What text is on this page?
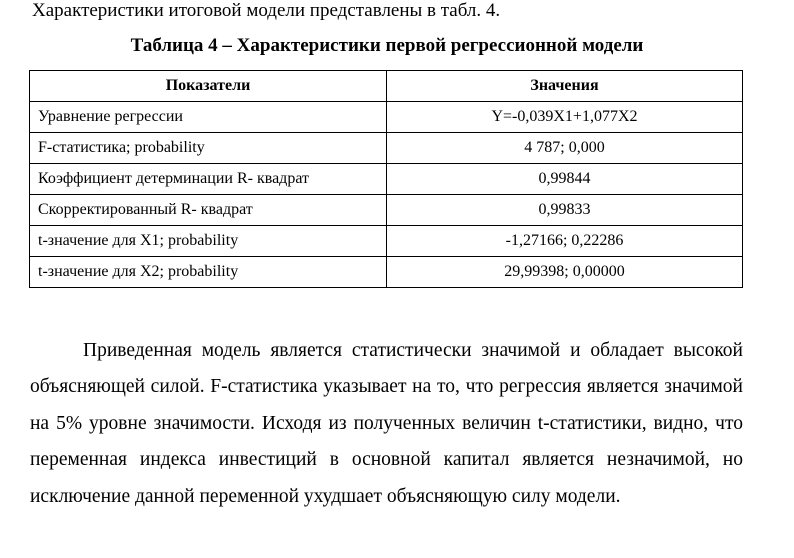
Характеристики итоговой модели представлены в табл. 4.
Таблица 4 – Характеристики первой регрессионной модели
Показатели	Значения
Уравнение регрессии	Y=-0,039X1+1,077X2
F-статистика; probability	4 787; 0,000
Коэффициент детерминации R- квадрат	0,99844
Скорректированный R- квадрат	0,99833
t-значение для X1; probability	-1,27166; 0,22286
t-значение для X2; probability	29,99398; 0,00000

Приведенная модель является статистически значимой и обладает высокой объясняющей силой. F-статистика указывает на то, что регрессия является значимой на 5% уровне значимости. Исходя из полученных величин t-статистики, видно, что переменная индекса инвестиций в основной капитал является незначимой, но исключение данной переменной ухудшает объясняющую силу модели.
